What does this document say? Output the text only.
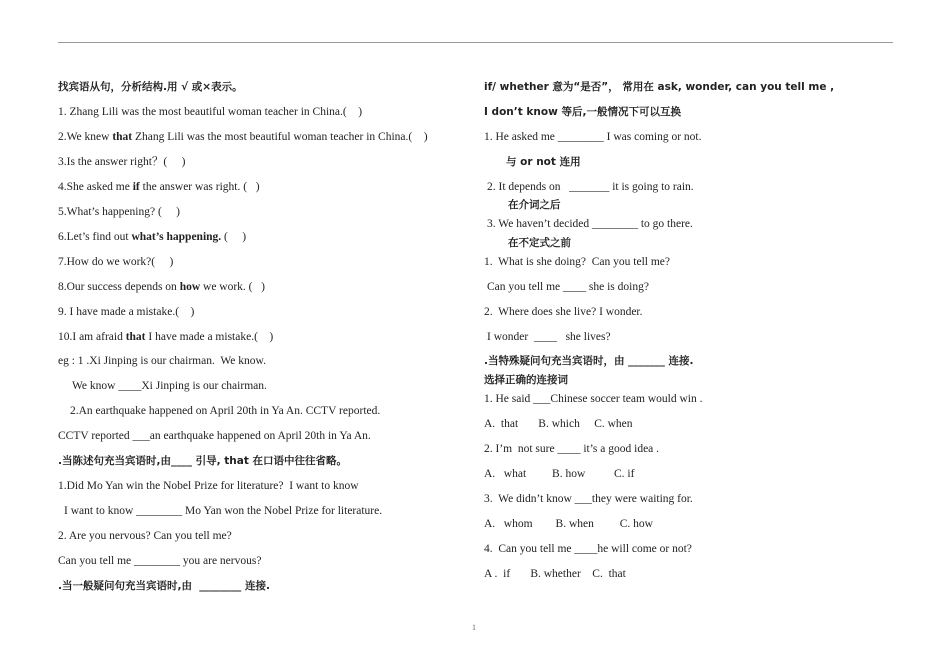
找宾语从句，分析结构.用 √ 或×表示。
1. Zhang Lili was the most beautiful woman teacher in China.(    )
2.We knew that Zhang Lili was the most beautiful woman teacher in China.(    )
3.Is the answer right？(     )
4.She asked me if the answer was right. (   )
5.What’s happening? (     )
6.Let’s find out what’s happening. (     )
7.How do we work?(     )
8.Our success depends on how we work. (   )
9. I have made a mistake.(    )
10.I am afraid that I have made a mistake.(    )
eg : 1 .Xi Jinping is our chairman.  We know.
We know ____Xi Jinping is our chairman.
2.An earthquake happened on April 20th in Ya An. CCTV reported.
CCTV reported ___an earthquake happened on April 20th in Ya An.
.当陈述句充当宾语时,由____ 引导, that 在口语中往往省略。
1.Did Mo Yan win the Nobel Prize for literature?  I want to know
I want to know ________ Mo Yan won the Nobel Prize for literature.
2. Are you nervous? Can you tell me?
Can you tell me ________ you are nervous?
.当一般疑问句充当宾语时,由  ________ 连接.
if/ whether 意为“是否”， 常用在 ask, wonder, can you tell me ,
I don’t know 等后,一般情况下可以互换
1. He asked me ________ I was coming or not.
与 or not 连用
2. It depends on   _______ it is going to rain.
在介词之后
3. We haven’t decided ________ to go there.
在不定式之前
1.  What is she doing?  Can you tell me?
Can you tell me ____ she is doing?
2.  Where does she live? I wonder.
I wonder  ____   she lives?
.当特殊疑问句充当宾语时，由 _______ 连接.
选择正确的连接词
1. He said ___Chinese soccer team would win .
A.  that       B. which     C. when
2. I’m  not sure ____ it’s a good idea .
A.   what         B. how          C. if
3.  We didn’t know ___they were waiting for.
A.   whom        B. when         C. how
4.  Can you tell me ____he will come or not?
A .  if       B. whether    C.  that
1
